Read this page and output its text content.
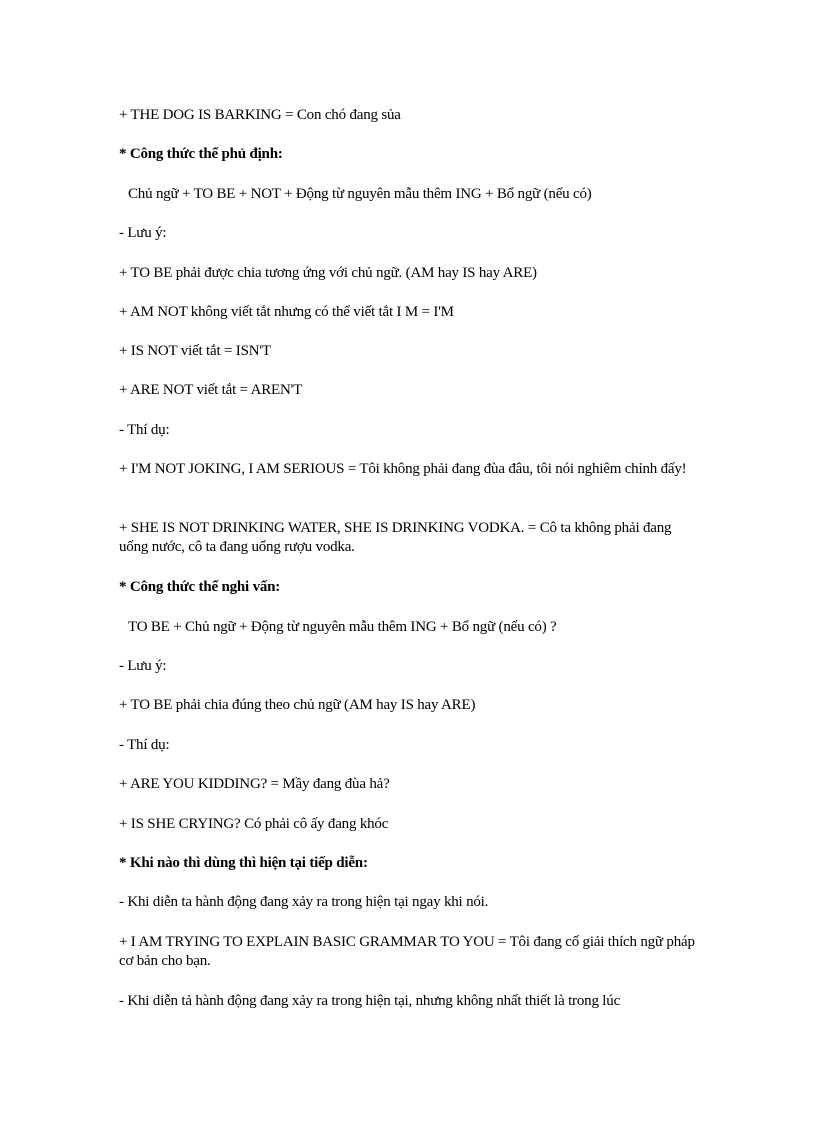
+ THE DOG IS BARKING = Con chó đang sủa
* Công thức thể phủ định:
Chủ ngữ + TO BE + NOT + Động từ nguyên mẫu thêm ING + Bổ ngữ (nếu có)
- Lưu ý:
+ TO BE phải được chia tương ứng với chủ ngữ. (AM hay IS hay ARE)
+ AM NOT không viết tắt nhưng có thể viết tắt I M = I'M
+ IS NOT viết tắt = ISN'T
+ ARE NOT viết tắt = AREN'T
- Thí dụ:
+ I'M NOT JOKING, I AM SERIOUS = Tôi không phải đang đùa đâu, tôi nói nghiêm chỉnh đấy!
+ SHE IS NOT DRINKING WATER, SHE IS DRINKING VODKA. = Cô ta không phải đang uống nước, cô ta đang uống rượu vodka.
* Công thức thể nghi vấn:
TO BE + Chủ ngữ + Động từ nguyên mẫu thêm ING + Bổ ngữ (nếu có) ?
- Lưu ý:
+ TO BE phải chia đúng theo chủ ngữ (AM hay IS hay ARE)
- Thí dụ:
+ ARE YOU KIDDING? = Mầy đang đùa hả?
+ IS SHE CRYING? Có phải cô ấy đang khóc
* Khi nào thì dùng thì hiện tại tiếp diễn:
- Khi diễn ta hành động đang xảy ra trong hiện tại ngay khi nói.
+ I AM TRYING TO EXPLAIN BASIC GRAMMAR TO YOU = Tôi đang cố giải thích ngữ pháp cơ bản cho bạn.
- Khi diễn tả hành động đang xảy ra trong hiện tại, nhưng không nhất thiết là trong lúc
